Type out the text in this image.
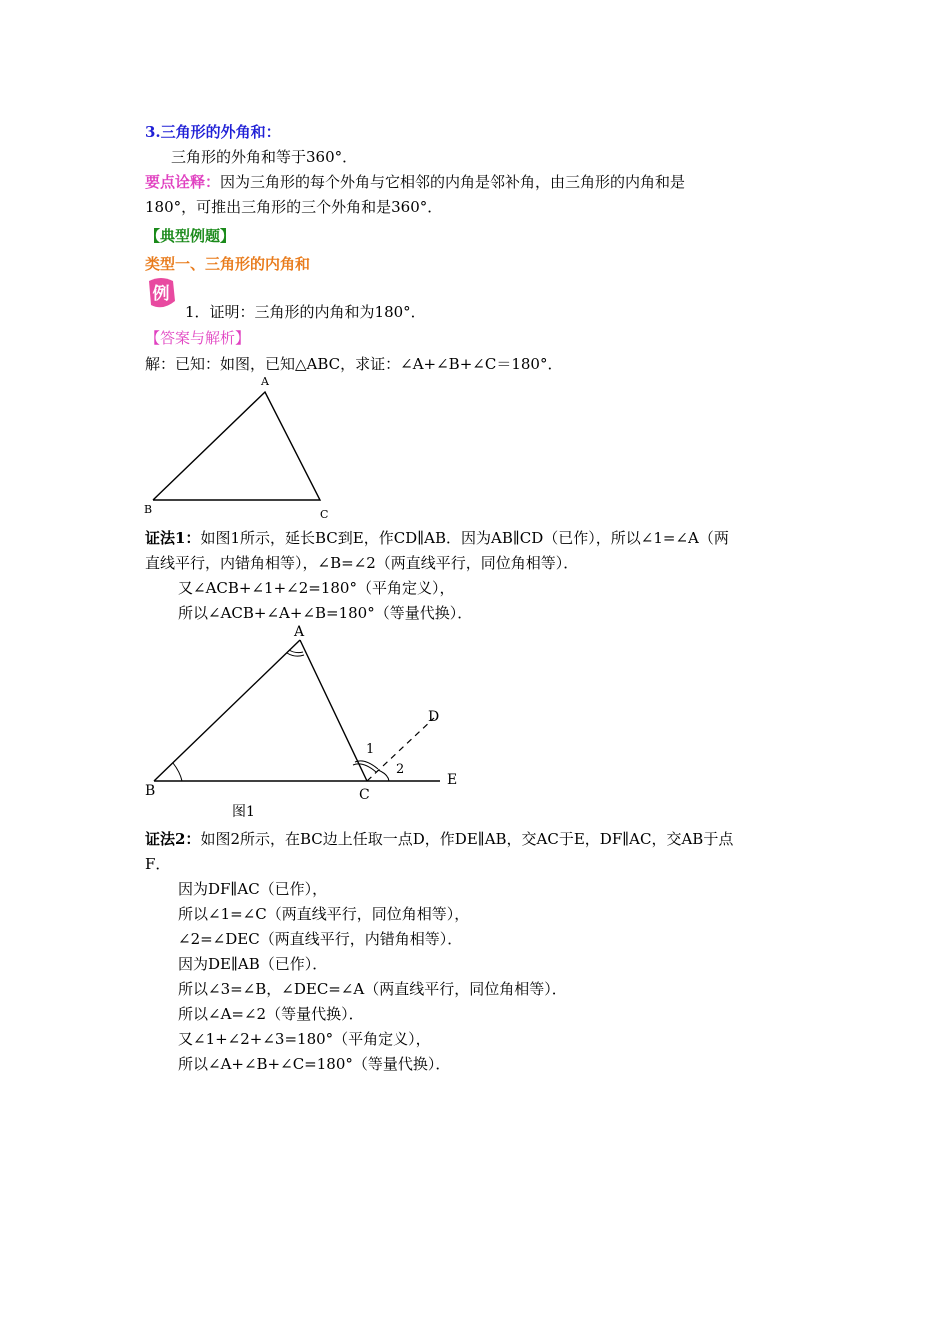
3.三角形的外角和：
三角形的外角和等于360°．
要点诠释：因为三角形的每个外角与它相邻的内角是邻补角，由三角形的内角和是
180°，可推出三角形的三个外角和是360°．
【典型例题】
类型一、三角形的内角和
例
1．证明：三角形的内角和为180°．
【答案与解析】
解：已知：如图，已知△ABC，求证：∠A+∠B+∠C＝180°．
A
B	C
证法1：如图1所示，延长BC到E，作CD∥AB．因为AB∥CD（已作），所以∠1=∠A（两
直线平行，内错角相等），∠B=∠2（两直线平行，同位角相等）．
又∠ACB+∠1+∠2=180°（平角定义），
所以∠ACB+∠A+∠B=180°（等量代换）．
A
B	C
D
E
1
2
图1
证法2：如图2所示，在BC边上任取一点D，作DE∥AB，交AC于E，DF∥AC，交AB于点
F．
因为DF∥AC（已作），
所以∠1=∠C（两直线平行，同位角相等），
∠2=∠DEC（两直线平行，内错角相等）．
因为DE∥AB（已作）．
所以∠3=∠B，∠DEC=∠A（两直线平行，同位角相等）．
所以∠A=∠2（等量代换）．
又∠1+∠2+∠3=180°（平角定义），
所以∠A+∠B+∠C=180°（等量代换）．
